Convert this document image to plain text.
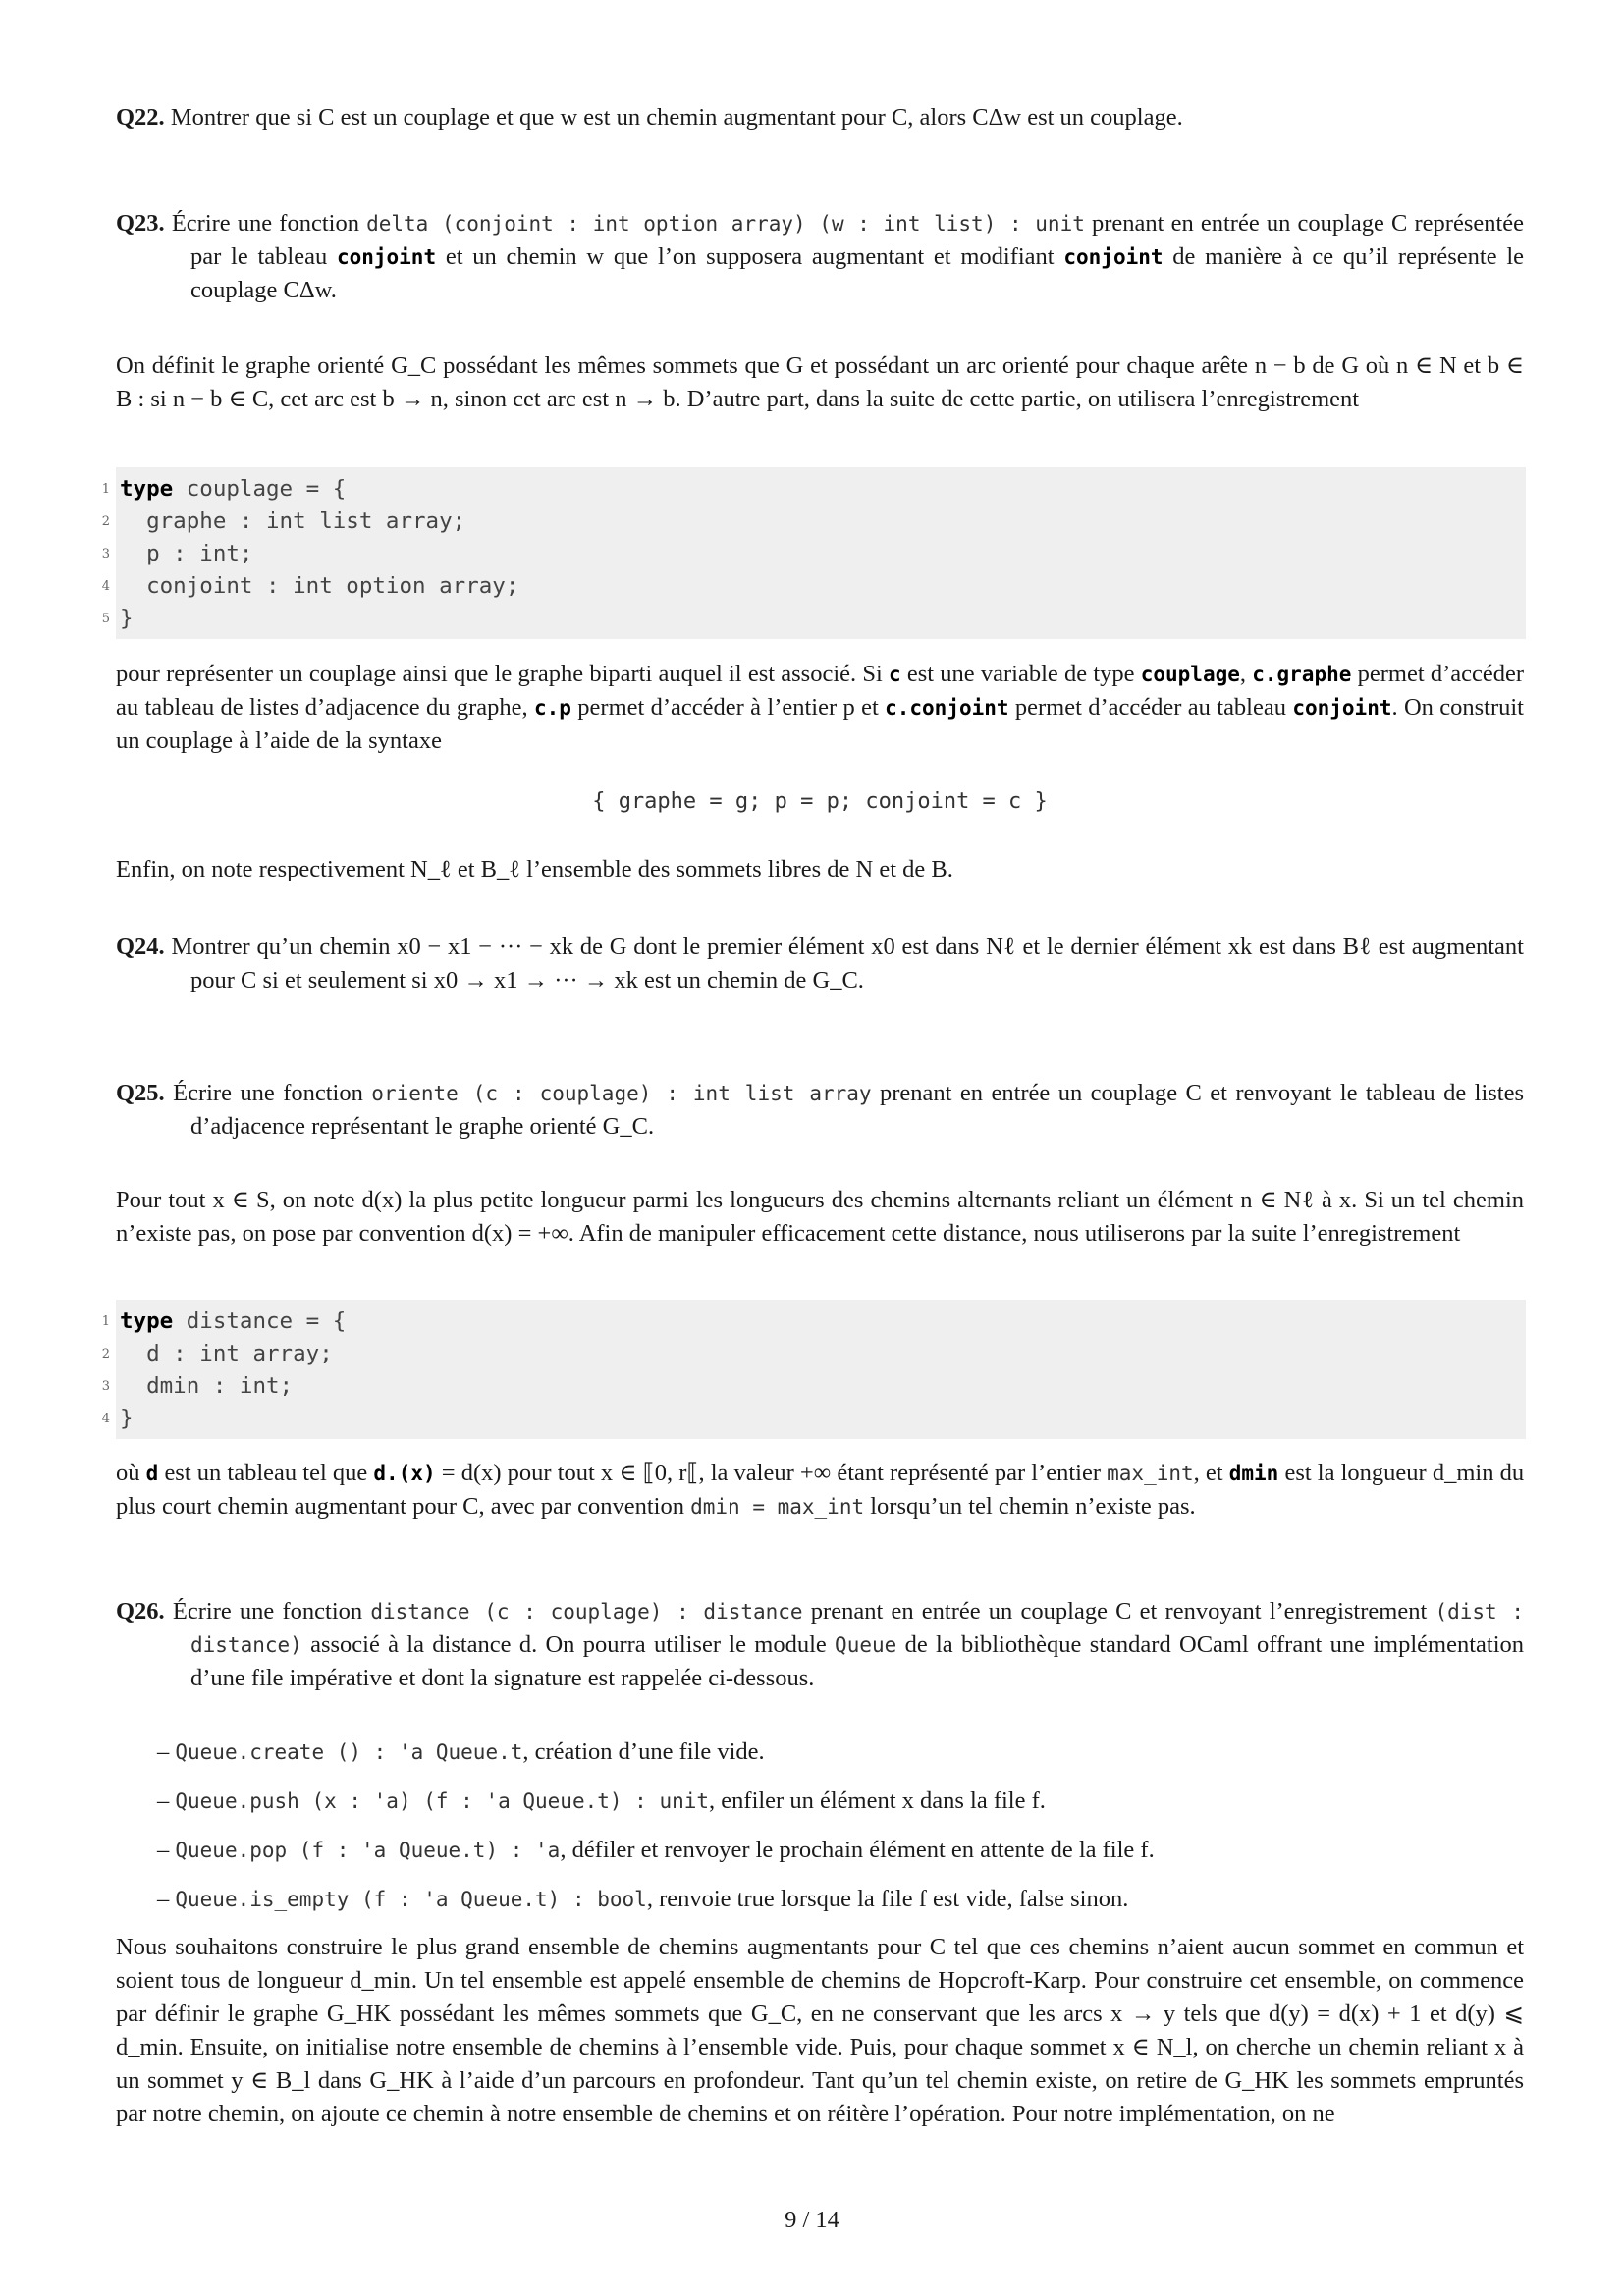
Q22. Montrer que si C est un couplage et que w est un chemin augmentant pour C, alors CΔw est un couplage.
Q23. Écrire une fonction delta (conjoint : int option array) (w : int list) : unit prenant en entrée un couplage C représentée par le tableau conjoint et un chemin w que l’on supposera augmentant et modifiant conjoint de manière à ce qu’il représente le couplage CΔw.
On définit le graphe orienté G_C possédant les mêmes sommets que G et possédant un arc orienté pour chaque arête n − b de G où n ∈ N et b ∈ B : si n − b ∈ C, cet arc est b → n, sinon cet arc est n → b. D’autre part, dans la suite de cette partie, on utilisera l’enregistrement
1 type couplage = {
2 graphe : int list array;
3 p : int;
4 conjoint : int option array;
5 }
pour représenter un couplage ainsi que le graphe biparti auquel il est associé. Si c est une variable de type couplage, c.graphe permet d’accéder au tableau de listes d’adjacence du graphe, c.p permet d’accéder à l’entier p et c.conjoint permet d’accéder au tableau conjoint. On construit un couplage à l’aide de la syntaxe
{ graphe = g; p = p; conjoint = c }
Enfin, on note respectivement N_ℓ et B_ℓ l’ensemble des sommets libres de N et de B.
Q24. Montrer qu’un chemin x0 − x1 − ··· − xk de G dont le premier élément x0 est dans Nℓ et le dernier élément xk est dans Bℓ est augmentant pour C si et seulement si x0 → x1 → ··· → xk est un chemin de G_C.
Q25. Écrire une fonction oriente (c : couplage) : int list array prenant en entrée un couplage C et renvoyant le tableau de listes d’adjacence représentant le graphe orienté G_C.
Pour tout x ∈ S, on note d(x) la plus petite longueur parmi les longueurs des chemins alternants reliant un élément n ∈ Nℓ à x. Si un tel chemin n’existe pas, on pose par convention d(x) = +∞. Afin de manipuler efficacement cette distance, nous utiliserons par la suite l’enregistrement
1 type distance = {
2 d : int array;
3 dmin : int;
4 }
où d est un tableau tel que d.(x) = d(x) pour tout x ∈ ⟦0, r⟦, la valeur +∞ étant représenté par l’entier max_int, et dmin est la longueur d_min du plus court chemin augmentant pour C, avec par convention dmin = max_int lorsqu’un tel chemin n’existe pas.
Q26. Écrire une fonction distance (c : couplage) : distance prenant en entrée un couplage C et renvoyant l’enregistrement (dist : distance) associé à la distance d. On pourra utiliser le module Queue de la bibliothèque standard OCaml offrant une implémentation d’une file impérative et dont la signature est rappelée ci-dessous.
– Queue.create () : 'a Queue.t, création d’une file vide.
– Queue.push (x : 'a) (f : 'a Queue.t) : unit, enfiler un élément x dans la file f.
– Queue.pop (f : 'a Queue.t) : 'a, défiler et renvoyer le prochain élément en attente de la file f.
– Queue.is_empty (f : 'a Queue.t) : bool, renvoie true lorsque la file f est vide, false sinon.
Nous souhaitons construire le plus grand ensemble de chemins augmentants pour C tel que ces chemins n’aient aucun sommet en commun et soient tous de longueur d_min. Un tel ensemble est appelé ensemble de chemins de Hopcroft-Karp. Pour construire cet ensemble, on commence par définir le graphe G_HK possédant les mêmes sommets que G_C, en ne conservant que les arcs x → y tels que d(y) = d(x) + 1 et d(y) ⩽ d_min. Ensuite, on initialise notre ensemble de chemins à l’ensemble vide. Puis, pour chaque sommet x ∈ N_l, on cherche un chemin reliant x à un sommet y ∈ B_l dans G_HK à l’aide d’un parcours en profondeur. Tant qu’un tel chemin existe, on retire de G_HK les sommets empruntés par notre chemin, on ajoute ce chemin à notre ensemble de chemins et on réitère l’opération. Pour notre implémentation, on ne
9 / 14
